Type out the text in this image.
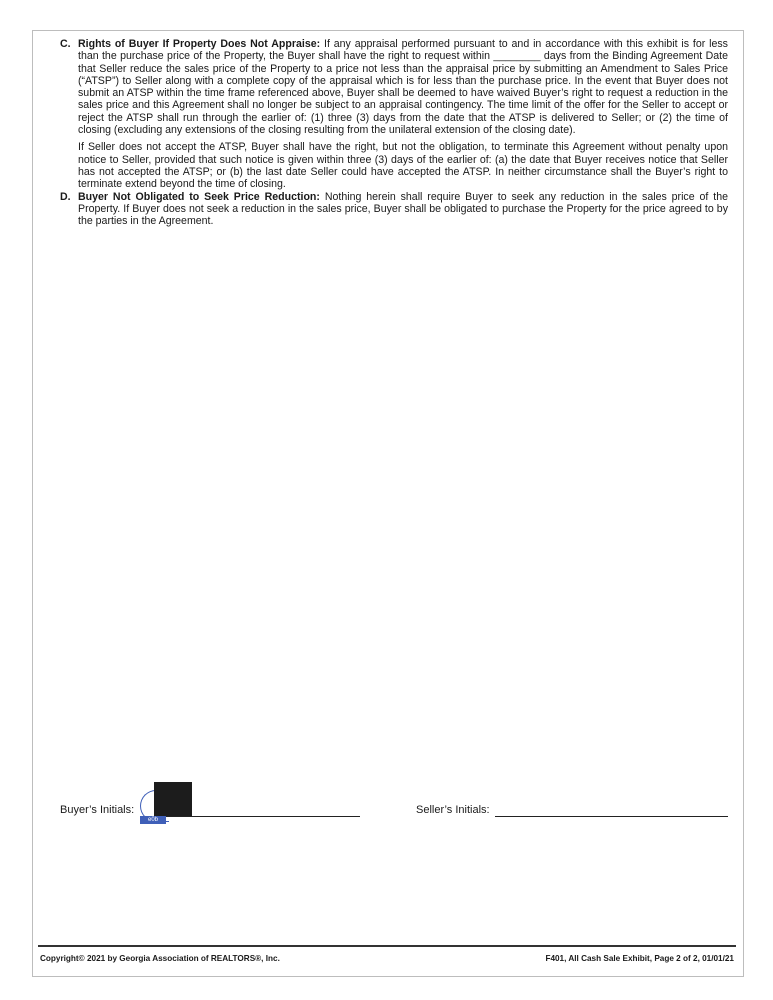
C. Rights of Buyer If Property Does Not Appraise: If any appraisal performed pursuant to and in accordance with this exhibit is for less than the purchase price of the Property, the Buyer shall have the right to request within ________ days from the Binding Agreement Date that Seller reduce the sales price of the Property to a price not less than the appraisal price by submitting an Amendment to Sales Price (“ATSP”) to Seller along with a complete copy of the appraisal which is for less than the purchase price. In the event that Buyer does not submit an ATSP within the time frame referenced above, Buyer shall be deemed to have waived Buyer’s right to request a reduction in the sales price and this Agreement shall no longer be subject to an appraisal contingency. The time limit of the offer for the Seller to accept or reject the ATSP shall run through the earlier of: (1) three (3) days from the date that the ATSP is delivered to Seller; or (2) the time of closing (excluding any extensions of the closing resulting from the unilateral extension of the closing date).
If Seller does not accept the ATSP, Buyer shall have the right, but not the obligation, to terminate this Agreement without penalty upon notice to Seller, provided that such notice is given within three (3) days of the earlier of: (a) the date that Buyer receives notice that Seller has not accepted the ATSP; or (b) the last date Seller could have accepted the ATSP. In neither circumstance shall the Buyer’s right to terminate extend beyond the time of closing.
D. Buyer Not Obligated to Seek Price Reduction: Nothing herein shall require Buyer to seek any reduction in the sales price of the Property. If Buyer does not seek a reduction in the sales price, Buyer shall be obligated to purchase the Property for the price agreed to by the parties in the Agreement.
Buyer’s Initials:
e0b
Seller’s Initials:
Copyright© 2021 by Georgia Association of REALTORS®, Inc.	F401, All Cash Sale Exhibit, Page 2 of 2, 01/01/21
